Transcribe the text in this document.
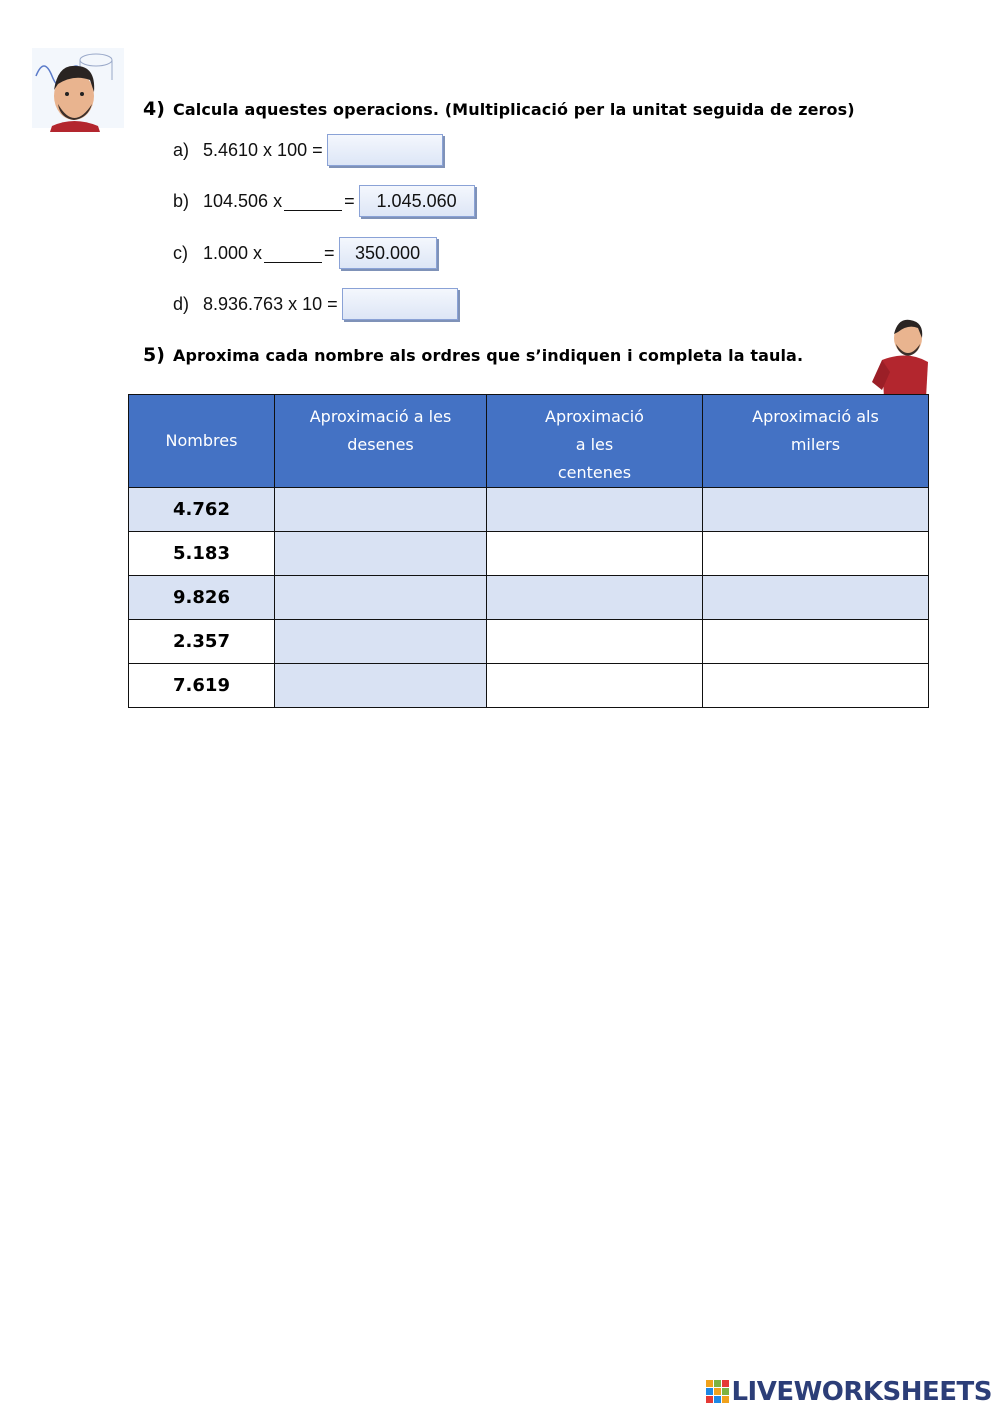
4) Calcula aquestes operacions. (Multiplicació per la unitat seguida de zeros)
a) 5.4610 x 100 =
b) 104.506 x	=	1.045.060
c) 1.000 x	=	350.000
d) 8.936.763 x 10 =
5) Aproxima cada nombre als ordres que s’indiquen i completa la taula.
Nombres	Aproximació a les desenes	Aproximació a les centenes	Aproximació als milers

4.762			
5.183			
9.826			
2.357			
7.619			
LIVEWORKSHEETS
